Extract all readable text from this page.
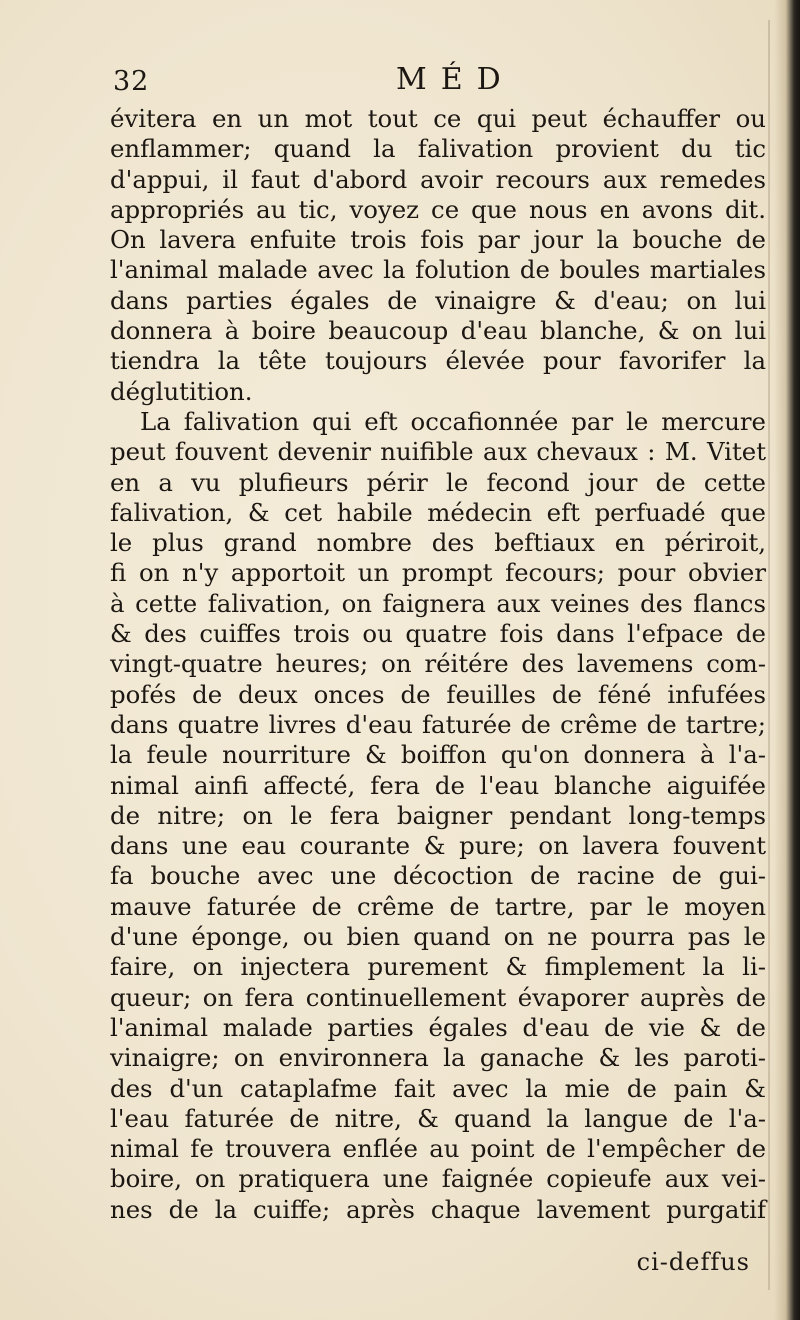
32	MÉD
évitera en un mot tout ce qui peut échauffer ou
enflammer; quand la falivation provient du tic
d'appui, il faut d'abord avoir recours aux remedes
appropriés au tic, voyez ce que nous en avons dit.
On lavera enfuite trois fois par jour la bouche de
l'animal malade avec la folution de boules martiales
dans parties égales de vinaigre & d'eau; on lui
donnera à boire beaucoup d'eau blanche, & on lui
tiendra la tête toujours élevée pour favorifer la
déglutition.
La falivation qui eft occafionnée par le mercure
peut fouvent devenir nuifible aux chevaux : M. Vitet
en a vu plufieurs périr le fecond jour de cette
falivation, & cet habile médecin eft perfuadé que
le plus grand nombre des beftiaux en périroit,
fi on n'y apportoit un prompt fecours; pour obvier
à cette falivation, on faignera aux veines des flancs
& des cuiffes trois ou quatre fois dans l'efpace de
vingt-quatre heures; on réitére des lavemens com-
pofés de deux onces de feuilles de féné infufées
dans quatre livres d'eau faturée de crême de tartre;
la feule nourriture & boiffon qu'on donnera à l'a-
nimal ainfi affecté, fera de l'eau blanche aiguifée
de nitre; on le fera baigner pendant long-temps
dans une eau courante & pure; on lavera fouvent
fa bouche avec une décoction de racine de gui-
mauve faturée de crême de tartre, par le moyen
d'une éponge, ou bien quand on ne pourra pas le
faire, on injectera purement & fimplement la li-
queur; on fera continuellement évaporer auprès de
l'animal malade parties égales d'eau de vie & de
vinaigre; on environnera la ganache & les paroti-
des d'un cataplafme fait avec la mie de pain &
l'eau faturée de nitre, & quand la langue de l'a-
nimal fe trouvera enflée au point de l'empêcher de
boire, on pratiquera une faignée copieufe aux vei-
nes de la cuiffe; après chaque lavement purgatif
ci-deffus
